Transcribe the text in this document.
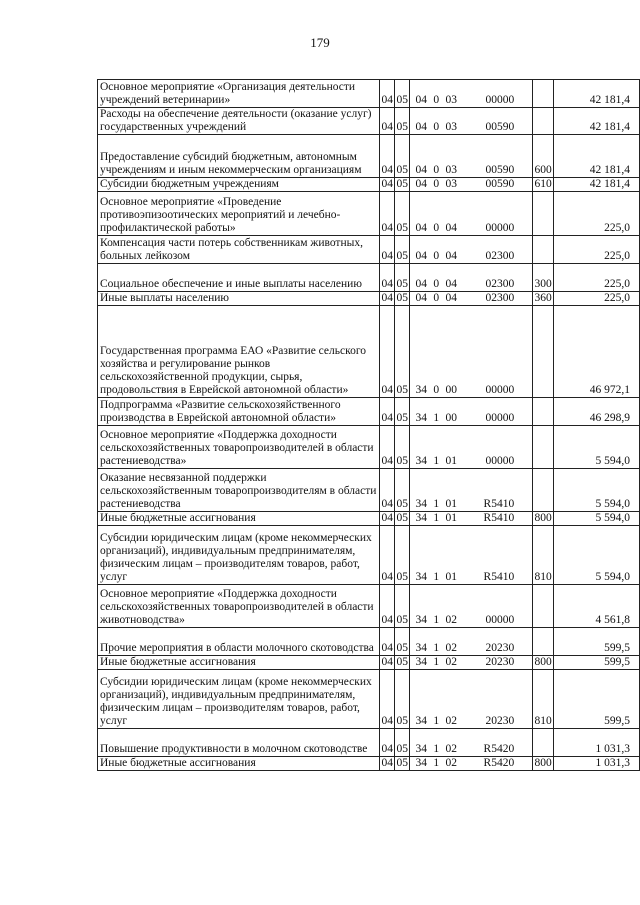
179
Основное мероприятие «Организация деятельности учреждений ветеринарии»	04	05	04 0 03 00000		42 181,4
Расходы на обеспечение деятельности (оказание услуг) государственных учреждений	04	05	04 0 03 00590		42 181,4
Предоставление субсидий бюджетным, автономным учреждениям и иным некоммерческим организациям	04	05	04 0 03 00590	600	42 181,4
Субсидии бюджетным учреждениям	04	05	04 0 03 00590	610	42 181,4
Основное мероприятие «Проведение противоэпизоотических мероприятий и лечебно-профилактической работы»	04	05	04 0 04 00000		225,0
Компенсация части потерь собственникам животных, больных лейкозом	04	05	04 0 04 02300		225,0
Социальное обеспечение и иные выплаты населению	04	05	04 0 04 02300	300	225,0
Иные выплаты населению	04	05	04 0 04 02300	360	225,0
Государственная программа ЕАО «Развитие сельского хозяйства и регулирование рынков сельскохозяйственной продукции, сырья, продовольствия в Еврейской автономной области»	04	05	34 0 00 00000		46 972,1
Подпрограмма «Развитие сельскохозяйственного производства в Еврейской автономной области»	04	05	34 1 00 00000		46 298,9
Основное мероприятие «Поддержка доходности сельскохозяйственных товаропроизводителей в области растениеводства»	04	05	34 1 01 00000		5 594,0
Оказание несвязанной поддержки сельскохозяйственным товаропроизводителям в области растениеводства	04	05	34 1 01 R5410		5 594,0
Иные бюджетные ассигнования	04	05	34 1 01 R5410	800	5 594,0
Субсидии юридическим лицам (кроме некоммерческих организаций), индивидуальным предпринимателям, физическим лицам – производителям товаров, работ, услуг	04	05	34 1 01 R5410	810	5 594,0
Основное мероприятие «Поддержка доходности сельскохозяйственных товаропроизводителей в области животноводства»	04	05	34 1 02 00000		4 561,8
Прочие мероприятия в области молочного скотоводства	04	05	34 1 02 20230		599,5
Иные бюджетные ассигнования	04	05	34 1 02 20230	800	599,5
Субсидии юридическим лицам (кроме некоммерческих организаций), индивидуальным предпринимателям, физическим лицам – производителям товаров, работ, услуг	04	05	34 1 02 20230	810	599,5
Повышение продуктивности в молочном скотоводстве	04	05	34 1 02 R5420		1 031,3
Иные бюджетные ассигнования	04	05	34 1 02 R5420	800	1 031,3
